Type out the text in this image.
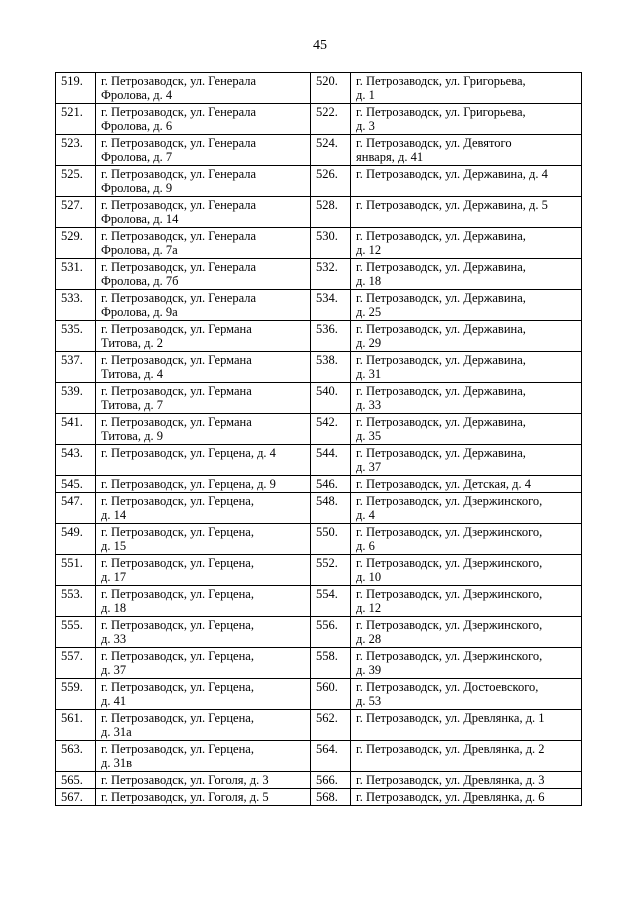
45
519.	г. Петрозаводск, ул. Генерала
Фролова, д. 4	520.	г. Петрозаводск, ул. Григорьева,
д. 1

521.	г. Петрозаводск, ул. Генерала
Фролова, д. 6	522.	г. Петрозаводск, ул. Григорьева,
д. 3

523.	г. Петрозаводск, ул. Генерала
Фролова, д. 7	524.	г. Петрозаводск, ул. Девятого
января, д. 41

525.	г. Петрозаводск, ул. Генерала
Фролова, д. 9	526.	г. Петрозаводск, ул. Державина, д. 4

527.	г. Петрозаводск, ул. Генерала
Фролова, д. 14	528.	г. Петрозаводск, ул. Державина, д. 5

529.	г. Петрозаводск, ул. Генерала
Фролова, д. 7а	530.	г. Петрозаводск, ул. Державина,
д. 12

531.	г. Петрозаводск, ул. Генерала
Фролова, д. 7б	532.	г. Петрозаводск, ул. Державина,
д. 18

533.	г. Петрозаводск, ул. Генерала
Фролова, д. 9а	534.	г. Петрозаводск, ул. Державина,
д. 25

535.	г. Петрозаводск, ул. Германа
Титова, д. 2	536.	г. Петрозаводск, ул. Державина,
д. 29

537.	г. Петрозаводск, ул. Германа
Титова, д. 4	538.	г. Петрозаводск, ул. Державина,
д. 31

539.	г. Петрозаводск, ул. Германа
Титова, д. 7	540.	г. Петрозаводск, ул. Державина,
д. 33

541.	г. Петрозаводск, ул. Германа
Титова, д. 9	542.	г. Петрозаводск, ул. Державина,
д. 35

543.	г. Петрозаводск, ул. Герцена, д. 4	544.	г. Петрозаводск, ул. Державина,
д. 37

545.	г. Петрозаводск, ул. Герцена, д. 9	546.	г. Петрозаводск, ул. Детская, д. 4

547.	г. Петрозаводск, ул. Герцена,
д. 14	548.	г. Петрозаводск, ул. Дзержинского,
д. 4

549.	г. Петрозаводск, ул. Герцена,
д. 15	550.	г. Петрозаводск, ул. Дзержинского,
д. 6

551.	г. Петрозаводск, ул. Герцена,
д. 17	552.	г. Петрозаводск, ул. Дзержинского,
д. 10

553.	г. Петрозаводск, ул. Герцена,
д. 18	554.	г. Петрозаводск, ул. Дзержинского,
д. 12

555.	г. Петрозаводск, ул. Герцена,
д. 33	556.	г. Петрозаводск, ул. Дзержинского,
д. 28

557.	г. Петрозаводск, ул. Герцена,
д. 37	558.	г. Петрозаводск, ул. Дзержинского,
д. 39

559.	г. Петрозаводск, ул. Герцена,
д. 41	560.	г. Петрозаводск, ул. Достоевского,
д. 53

561.	г. Петрозаводск, ул. Герцена,
д. 31а	562.	г. Петрозаводск, ул. Древлянка, д. 1

563.	г. Петрозаводск, ул. Герцена,
д. 31в	564.	г. Петрозаводск, ул. Древлянка, д. 2

565.	г. Петрозаводск, ул. Гоголя, д. 3	566.	г. Петрозаводск, ул. Древлянка, д. 3

567.	г. Петрозаводск, ул. Гоголя, д. 5	568.	г. Петрозаводск, ул. Древлянка, д. 6
